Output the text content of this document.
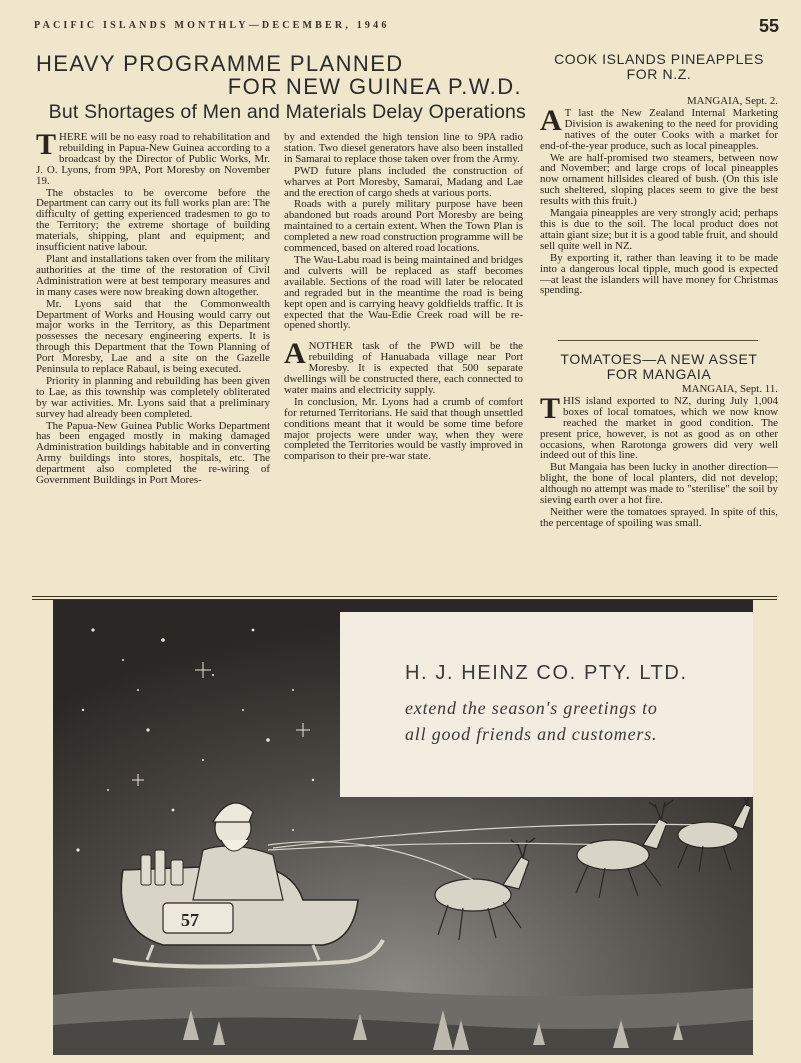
PACIFIC ISLANDS MONTHLY—DECEMBER, 1946	55
HEAVY PROGRAMME PLANNED
FOR NEW GUINEA P.W.D.
But Shortages of Men and Materials Delay Operations

THERE will be no easy road to rehabilitation and rebuilding in Papua-New Guinea according to a broadcast by the Director of Public Works, Mr. J. O. Lyons, from 9PA, Port Moresby on November 19.

The obstacles to be overcome before the Department can carry out its full works plan are: The difficulty of getting experienced tradesmen to go to the Territory; the extreme shortage of building materials, shipping, plant and equipment; and insufficient native labour.

Plant and installations taken over from the military authorities at the time of the restoration of Civil Administration were at best temporary measures and in many cases were now breaking down altogether.

Mr. Lyons said that the Commonwealth Department of Works and Housing would carry out major works in the Territory, as this Department possesses the necesary engineering experts. It is through this Department that the Town Planning of Port Moresby, Lae and a site on the Gazelle Peninsula to replace Rabaul, is being executed.

Priority in planning and rebuilding has been given to Lae, as this township was completely obliterated by war activities. Mr. Lyons said that a preliminary survey had already been completed.

The Papua-New Guinea Public Works Department has been engaged mostly in making damaged Administration buildings habitable and in converting Army buildings into stores, hospitals, etc. The department also completed the re-wiring of Government Buildings in Port Mores-

by and extended the high tension line to 9PA radio station. Two diesel generators have also been installed in Samarai to replace those taken over from the Army.

PWD future plans included the construction of wharves at Port Moresby, Samarai, Madang and Lae and the erection of cargo sheds at various ports.

Roads with a purely military purpose have been abandoned but roads around Port Moresby are being maintained to a certain extent. When the Town Plan is completed a new road construction programme will be commenced, based on altered road locations.

The Wau-Labu road is being maintained and bridges and culverts will be replaced as staff becomes available. Sections of the road will later be relocated and regraded but in the meantime the road is being kept open and is carrying heavy goldfields traffic. It is expected that the Wau-Edie Creek road will be re-opened shortly.

ANOTHER task of the PWD will be the rebuilding of Hanuabada village near Port Moresby. It is expected that 500 separate dwellings will be constructed there, each connected to water mains and electricity supply.

In conclusion, Mr. Lyons had a crumb of comfort for returned Territorians. He said that though unsettled conditions meant that it would be some time before major projects were under way, when they were completed the Territories would be vastly improved in comparison to their pre-war state.

COOK ISLANDS PINEAPPLES
FOR N.Z.

MANGAIA, Sept. 2.

A T last the New Zealand Internal Marketing Division is awakening to the need for providing natives of the outer Cooks with a market for end-of-the-year produce, such as local pineapples.

We are half-promised two steamers, between now and November; and large crops of local pineapples now ornament hillsides cleared of bush. (On this isle such sheltered, sloping places seem to give the best results with this fruit.)

Mangaia pineapples are very strongly acid; perhaps this is due to the soil. The local product does not attain giant size; but it is a good table fruit, and should sell quite well in NZ.

By exporting it, rather than leaving it to be made into a dangerous local tipple, much good is expected—at least the islanders will have money for Christmas spending.

TOMATOES—A NEW ASSET
FOR MANGAIA

MANGAIA, Sept. 11.

THIS island exported to NZ, during July 1,004 boxes of local tomatoes, which we now know reached the market in good condition. The present price, however, is not as good as on other occasions, when Rarotonga growers did very well indeed out of this line.

But Mangaia has been lucky in another direction—blight, the bone of local planters, did not develop; although no attempt was made to "sterilise" the soil by sieving earth over a hot fire.

Neither were the tomatoes sprayed. In spite of this, the percentage of spoiling was small.

57
H. J. HEINZ CO. PTY. LTD.
extend the season's greetings to
all good friends and customers.
